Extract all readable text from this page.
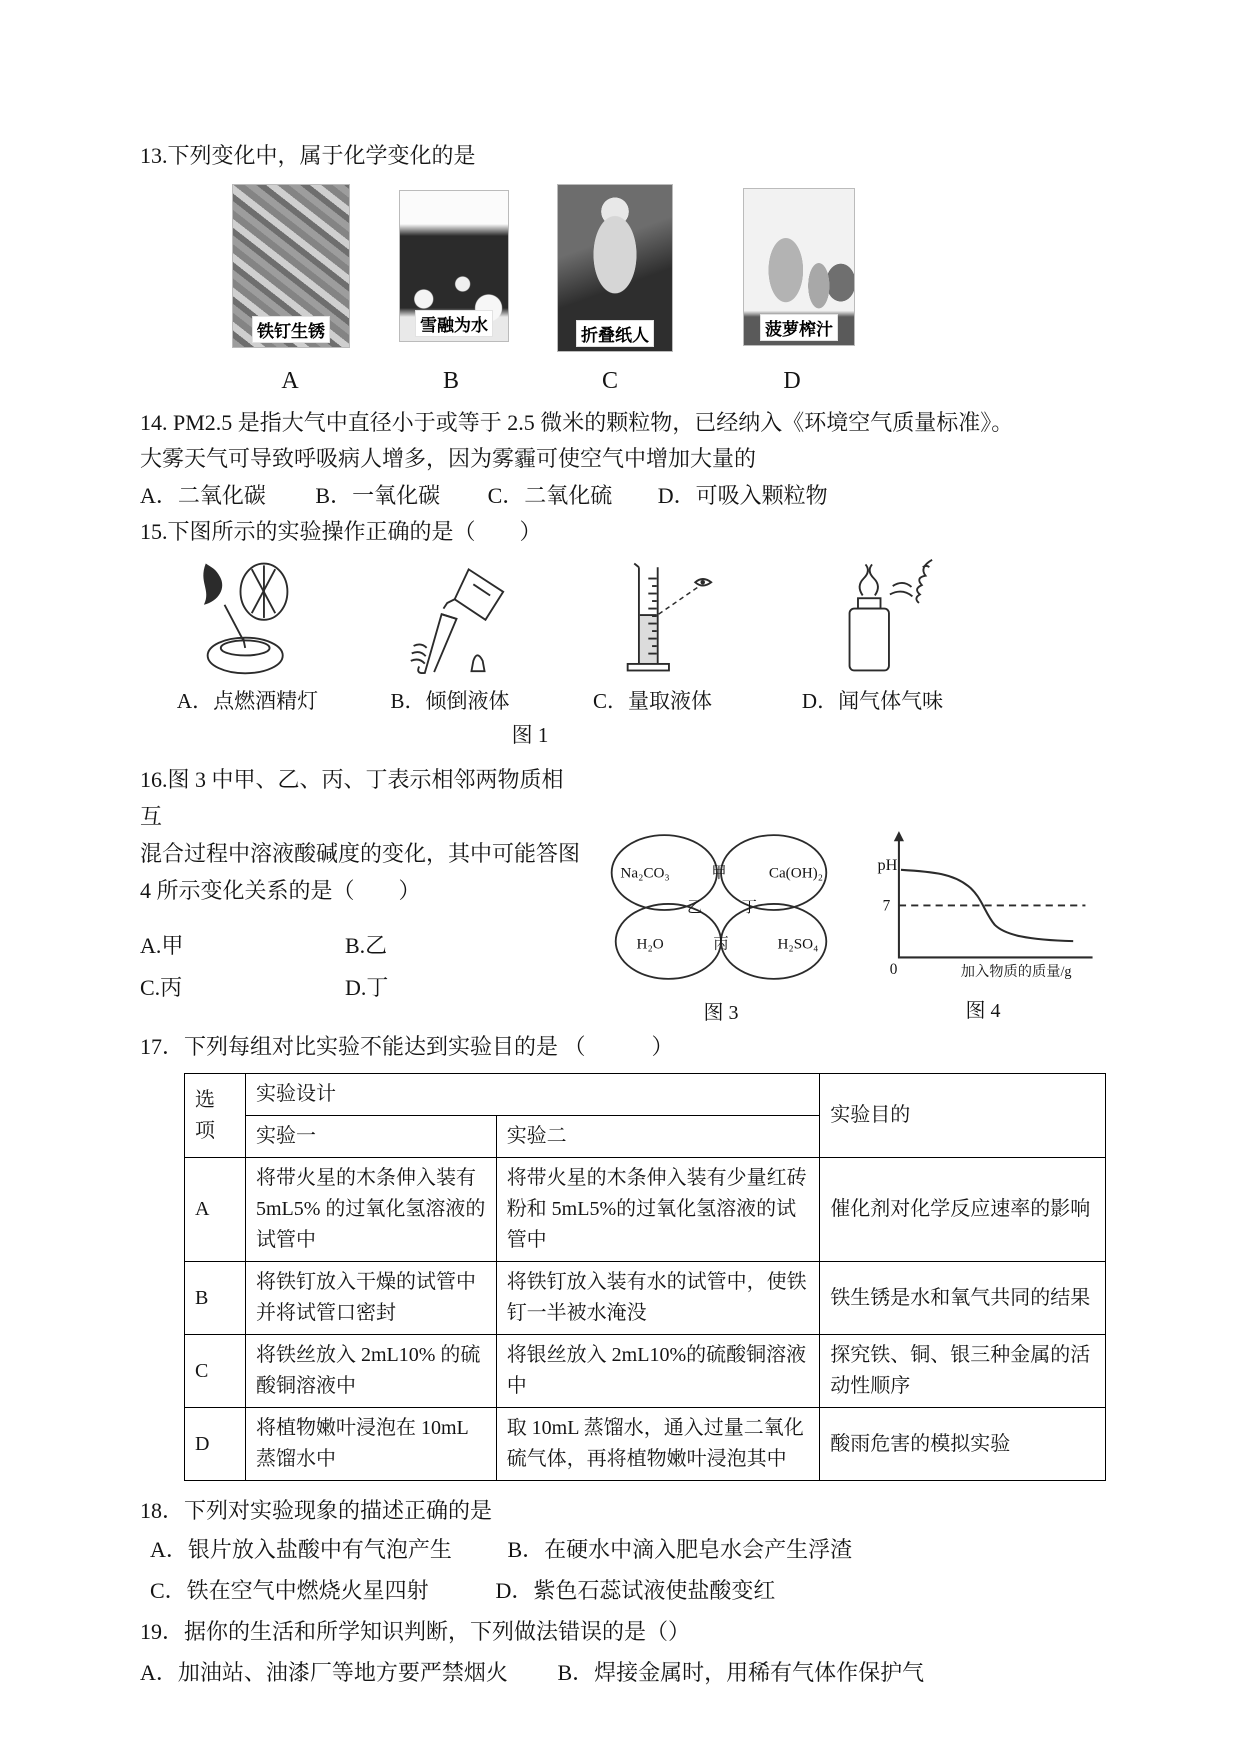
13.下列变化中，属于化学变化的是
铁钉生锈	雪融为水
折叠纸人	菠萝榨汁
A	B	C	D
14. PM2.5 是指大气中直径小于或等于 2.5 微米的颗粒物，已经纳入《环境空气质量标准》。
大雾天气可导致呼吸病人增多，因为雾霾可使空气中增加大量的
A．二氧化碳 B．一氧化碳 C．二氧化硫 D．可吸入颗粒物
15.下图所示的实验操作正确的是（　　）
A．点燃酒精灯	B．倾倒液体	C．量取液体	D．闻气体气味
图 1
16.图 3 中甲、乙、丙、丁表示相邻两物质相互
混合过程中溶液酸碱度的变化，其中可能答图
4 所示变化关系的是（　　）
A.甲	B.乙
C.丙	D.丁
Na₂CO₃	甲	Ca(OH)₂
乙	丁
H₂O	丙	H₂SO₄
图 3
pH
7
0	加入物质的质量/g
图 4
17．下列每组对比实验不能达到实验目的是 （　　　）
选　项	实验设计		实验目的
	实验一	实验二	
A	将带火星的木条伸入装有 5mL5% 的过氧化氢溶液的试管中	将带火星的木条伸入装有少量红砖粉和 5mL5%的过氧化氢溶液的试管中	催化剂对化学反应速率的影响
B	将铁钉放入干燥的试管中并将试管口密封	将铁钉放入装有水的试管中，使铁钉一半被水淹没	铁生锈是水和氧气共同的结果
C	将铁丝放入 2mL10% 的硫酸铜溶液中	将银丝放入 2mL10%的硫酸铜溶液中	探究铁、铜、银三种金属的活动性顺序
D	将植物嫩叶浸泡在 10mL 蒸馏水中	取 10mL 蒸馏水，通入过量二氧化硫气体，再将植物嫩叶浸泡其中	酸雨危害的模拟实验
18．下列对实验现象的描述正确的是
A．银片放入盐酸中有气泡产生	B．在硬水中滴入肥皂水会产生浮渣
C．铁在空气中燃烧火星四射	D．紫色石蕊试液使盐酸变红
19．据你的生活和所学知识判断，下列做法错误的是（）
A．加油站、油漆厂等地方要严禁烟火 B．焊接金属时，用稀有气体作保护气
